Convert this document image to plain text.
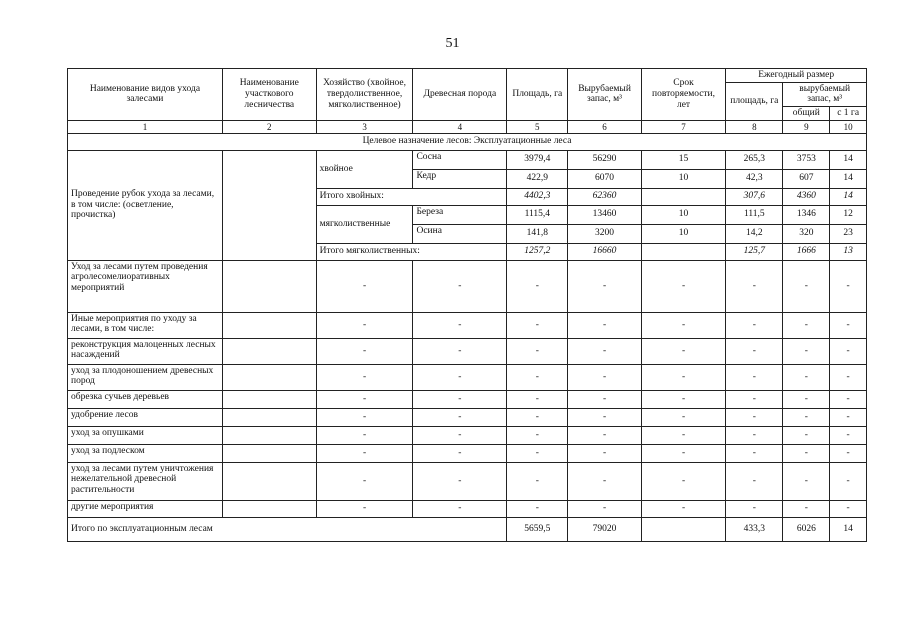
51
Наименование видов ухода залесами	Наименование участкового лесничества	Хозяйство (хвойное, твердолиственное, мягколиственное)	Древесная порода	Площадь, га	Вырубаемый запас, м³	Срок повторяемости, лет	Ежегодный размер		
							площадь, га	вырубаемый запас, м³	
								общий	с 1 га
1	2	3	4	5	6	7	8	9	10
Целевое назначение лесов: Эксплуатационные леса									
Проведение рубок ухода за лесами, в том числе: (осветление, прочистка)		хвойное	Сосна	3979,4	56290	15	265,3	3753	14
			Кедр	422,9	6070	10	42,3	607	14
		Итого хвойных:		4402,3	62360		307,6	4360	14
		мягколиственные	Береза	1115,4	13460	10	111,5	1346	12
			Осина	141,8	3200	10	14,2	320	23
		Итого мягколиственных:		1257,2	16660		125,7	1666	13
Уход за лесами путем проведения агролесомелиоративных мероприятий		-	-	-	-	-	-	-	-
Иные мероприятия по уходу за лесами, в том числе:		-	-	-	-	-	-	-	-
реконструкция малоценных лесных насаждений		-	-	-	-	-	-	-	-
уход за плодоношением древесных пород		-	-	-	-	-	-	-	-
обрезка сучьев деревьев		-	-	-	-	-	-	-	-
удобрение лесов		-	-	-	-	-	-	-	-
уход за опушками		-	-	-	-	-	-	-	-
уход за подлеском		-	-	-	-	-	-	-	-
уход за лесами путем уничтожения нежелательной древесной растительности		-	-	-	-	-	-	-	-
другие мероприятия		-	-	-	-	-	-	-	-
Итого по эксплуатационным лесам				5659,5	79020		433,3	6026	14
